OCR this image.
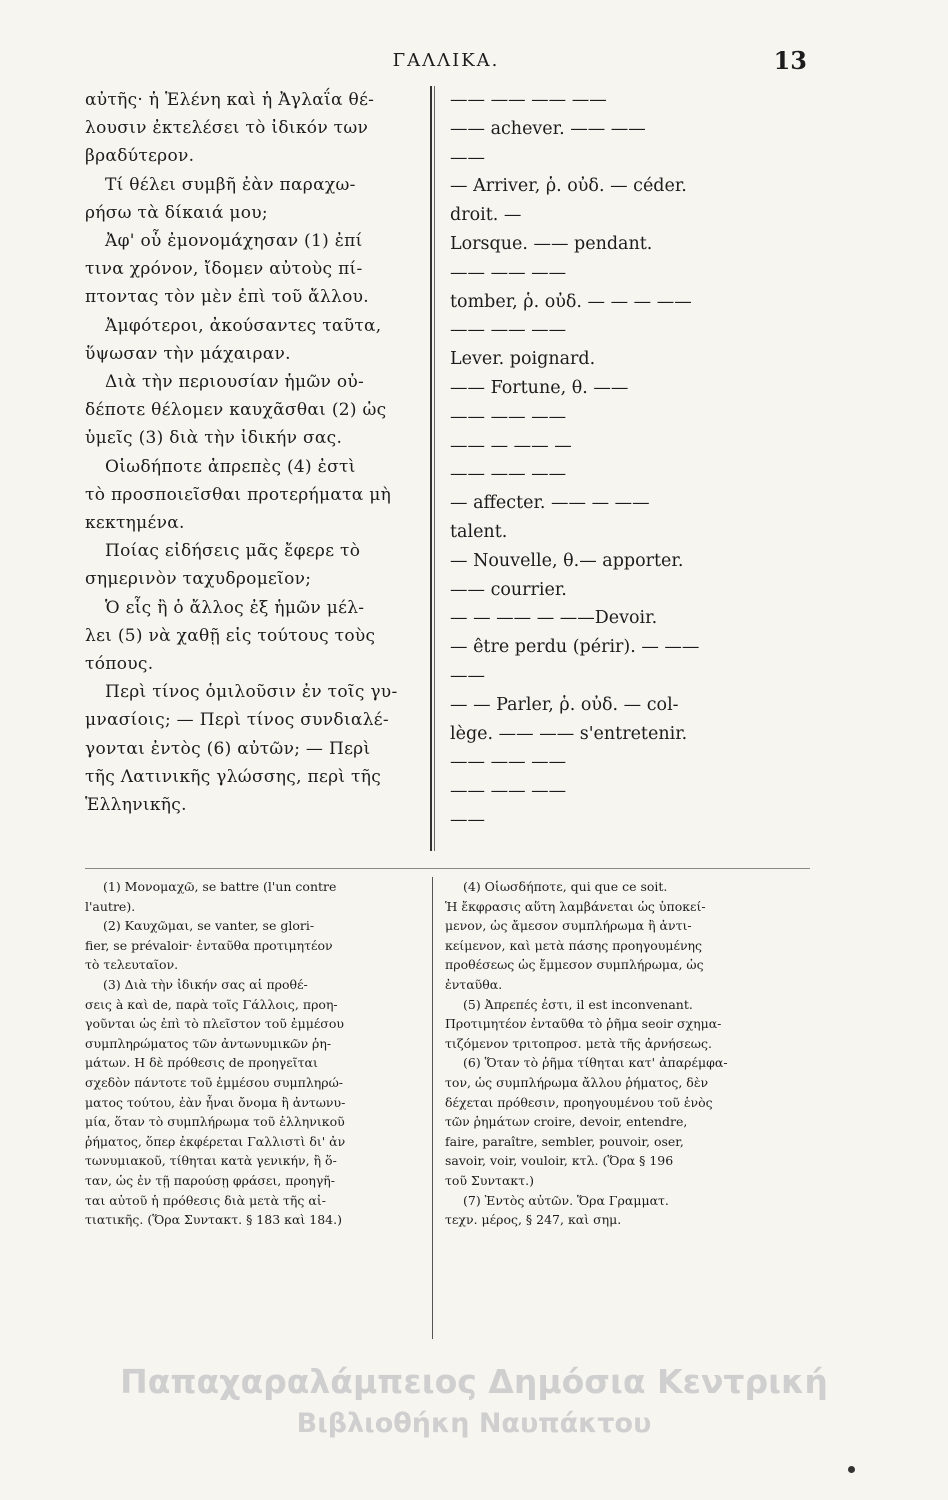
ΓΑΛΛΙΚΑ.	13
αὐτῆς· ἡ Ἑλένη καὶ ἡ Ἀγλαΐα θέ-
λουσιν ἐκτελέσει τὸ ἰδικόν των
βραδύτερον.
Τί θέλει συμβῆ ἐὰν παραχω-
ρήσω τὰ δίκαιά μου;
Ἀφ' οὗ ἐμονομάχησαν (1) ἐπί
τινα χρόνον, ἴδομεν αὐτοὺς πί-
πτοντας τὸν μὲν ἐπὶ τοῦ ἄλλου.
Ἀμφότεροι, ἀκούσαντες ταῦτα,
ὕψωσαν τὴν μάχαιραν.
Διὰ τὴν περιουσίαν ἡμῶν οὐ-
δέποτε θέλομεν καυχᾶσθαι (2) ὡς
ὑμεῖς (3) διὰ τὴν ἰδικήν σας.
Οἱωδήποτε ἀπρεπὲς (4) ἐστὶ
τὸ προσποιεῖσθαι προτερήματα μὴ
κεκτημένα.
Ποίας εἰδήσεις μᾶς ἔφερε τὸ
σημερινὸν ταχυδρομεῖον;
Ὁ εἷς ἢ ὁ ἄλλος ἐξ ἡμῶν μέλ-
λει (5) νὰ χαθῇ εἰς τούτους τοὺς
τόπους.
Περὶ τίνος ὁμιλοῦσιν ἐν τοῖς γυ-
μνασίοις; — Περὶ τίνος συνδιαλέ-
γονται ἐντὸς (6) αὐτῶν; — Περὶ
τῆς Λατινικῆς γλώσσης, περὶ τῆς
Ἑλληνικῆς.
—— —— —— ——
—— achever. —— ——
——
— Arriver, ῥ. οὐδ. — céder.
droit. —
Lorsque. —— pendant.
—— —— ——
tomber, ῥ. οὐδ. — — — ——
—— —— ——
Lever. poignard.
—— Fortune, θ. ——
—— —— ——
—— — —— —
—— —— ——
— affecter. —— — ——
talent.
— Nouvelle, θ.— apporter.
—— courrier.
— — —— — ——Devoir.
— être perdu (périr). — ——
——
— — Parler, ῥ. οὐδ. — col-
lège. —— —— s'entretenir.
—— —— ——
—— —— ——
——
(1) Μονομαχῶ, se battre (l'un contre
l'autre).
(2) Καυχῶμαι, se vanter, se glori-
fier, se prévaloir· ἐνταῦθα προτιμητέον
τὸ τελευταῖον.
(3) Διὰ τὴν ἰδικήν σας αἱ προθέ-
σεις à καὶ de, παρὰ τοῖς Γάλλοις, προη-
γοῦνται ὡς ἐπὶ τὸ πλεῖστον τοῦ ἐμμέσου
συμπληρώματος τῶν ἀντωνυμικῶν ῥη-
μάτων. Η δὲ πρόθεσις de προηγεῖται
σχεδὸν πάντοτε τοῦ ἐμμέσου συμπληρώ-
ματος τούτου, ἐὰν ἦναι ὄνομα ἢ ἀντωνυ-
μία, ὅταν τὸ συμπλήρωμα τοῦ ἑλληνικοῦ
ῥήματος, ὅπερ ἐκφέρεται Γαλλιστὶ δι' ἀν
τωνυμιακοῦ, τίθηται κατὰ γενικήν, ἢ ὅ-
ταν, ὡς ἐν τῇ παρούσῃ φράσει, προηγῆ-
ται αὐτοῦ ἡ πρόθεσις διὰ μετὰ τῆς αἰ-
τιατικῆς. (Ὅρα Συντακτ. § 183 καὶ 184.)
(4) Οἱωσδήποτε, qui que ce soit.
Ἡ ἔκφρασις αὕτη λαμβάνεται ὡς ὑποκεί-
μενον, ὡς ἄμεσον συμπλήρωμα ἢ ἀντι-
κείμενον, καὶ μετὰ πάσης προηγουμένης
προθέσεως ὡς ἔμμεσον συμπλήρωμα, ὡς
ἐνταῦθα.
(5) Ἀπρεπές ἐστι, il est inconvenant.
Προτιμητέον ἐνταῦθα τὸ ῥῆμα seoir σχημα-
τιζόμενον τριτοπροσ. μετὰ τῆς ἀρνήσεως.
(6) Ὅταν τὸ ῥῆμα τίθηται κατ' ἀπαρέμφα-
τον, ὡς συμπλήρωμα ἄλλου ῥήματος, δὲν
δέχεται πρόθεσιν, προηγουμένου τοῦ ἑνὸς
τῶν ῥημάτων croire, devoir, entendre,
faire, paraître, sembler, pouvoir, oser,
savoir, voir, vouloir, κτλ. (Ὅρα § 196
τοῦ Συντακτ.)
(7) Ἐντὸς αὐτῶν. Ὅρα Γραμματ.
τεχν. μέρος, § 247, καὶ σημ.
Παπαχαραλάμπειος Δημόσια Κεντρική
Βιβλιοθήκη Ναυπάκτου
